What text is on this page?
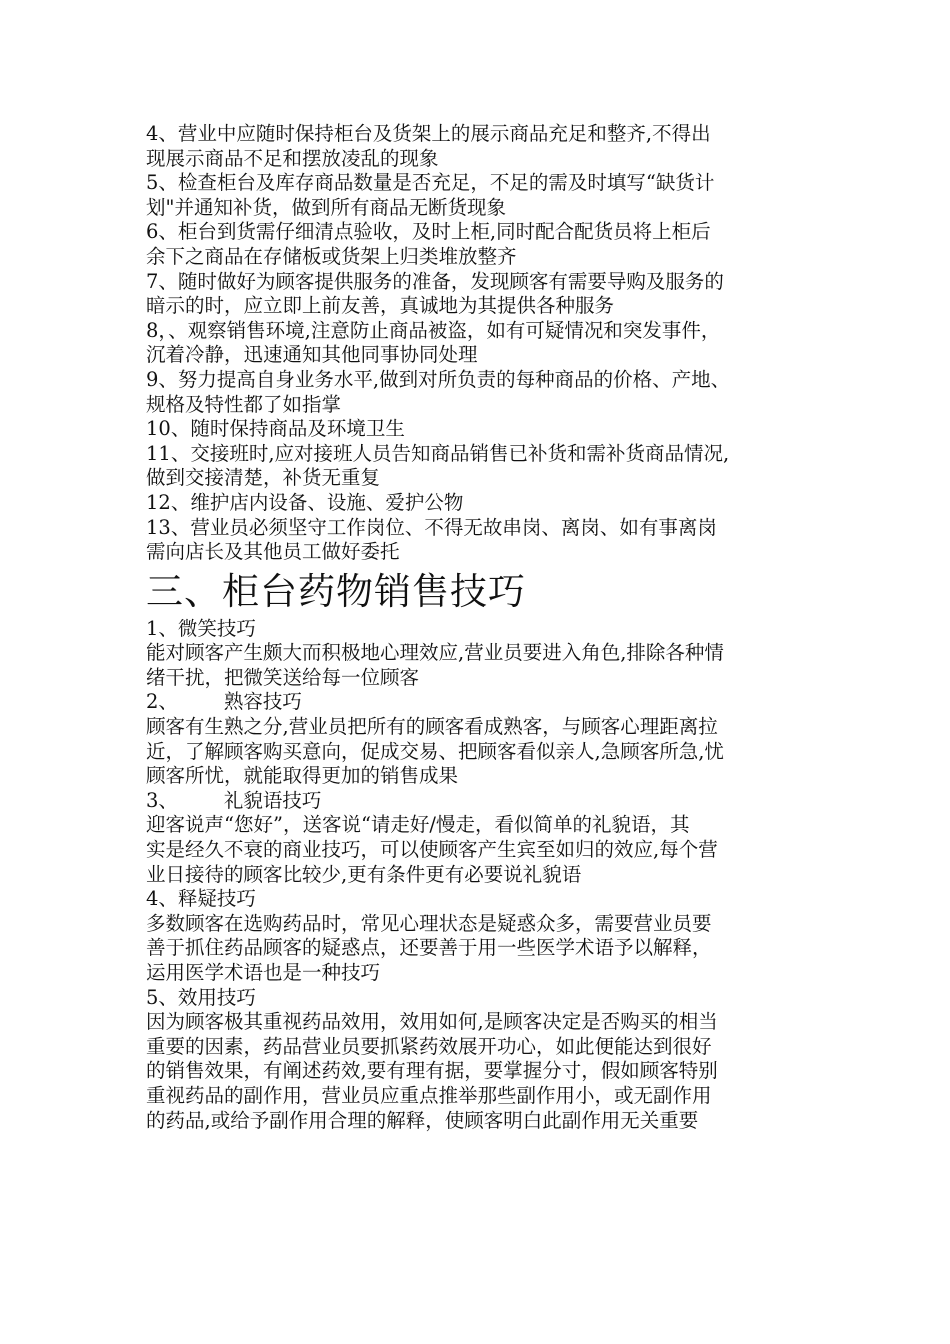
4、营业中应随时保持柜台及货架上的展示商品充足和整齐,不得出
现展示商品不足和摆放凌乱的现象
5、检查柜台及库存商品数量是否充足，不足的需及时填写“缺货计
划"并通知补货，做到所有商品无断货现象
6、柜台到货需仔细清点验收，及时上柜,同时配合配货员将上柜后
余下之商品在存储板或货架上归类堆放整齐
7、随时做好为顾客提供服务的准备，发现顾客有需要导购及服务的
暗示的时，应立即上前友善，真诚地为其提供各种服务
8，、观察销售环境,注意防止商品被盗，如有可疑情况和突发事件，
沉着冷静，迅速通知其他同事协同处理
9、努力提高自身业务水平,做到对所负责的每种商品的价格、产地、
规格及特性都了如指掌
10、随时保持商品及环境卫生
11、交接班时,应对接班人员告知商品销售已补货和需补货商品情况,
做到交接清楚，补货无重复
12、维护店内设备、设施、爱护公物
13、营业员必须坚守工作岗位、不得无故串岗、离岗、如有事离岗
需向店长及其他员工做好委托
三、柜台药物销售技巧
1、微笑技巧
能对顾客产生颇大而积极地心理效应,营业员要进入角色,排除各种情
绪干扰，把微笑送给每一位顾客
2、 熟容技巧
顾客有生熟之分,营业员把所有的顾客看成熟客，与顾客心理距离拉
近，了解顾客购买意向，促成交易、把顾客看似亲人,急顾客所急,忧
顾客所忧，就能取得更加的销售成果
3、 礼貌语技巧
迎客说声“您好”，送客说“请走好/慢走，看似简单的礼貌语，其
实是经久不衰的商业技巧，可以使顾客产生宾至如归的效应,每个营
业日接待的顾客比较少,更有条件更有必要说礼貌语
4、释疑技巧
多数顾客在选购药品时，常见心理状态是疑惑众多，需要营业员要
善于抓住药品顾客的疑惑点，还要善于用一些医学术语予以解释，
运用医学术语也是一种技巧
5、效用技巧
因为顾客极其重视药品效用，效用如何,是顾客决定是否购买的相当
重要的因素，药品营业员要抓紧药效展开功心，如此便能达到很好
的销售效果，有阐述药效,要有理有据，要掌握分寸，假如顾客特别
重视药品的副作用，营业员应重点推举那些副作用小，或无副作用
的药品,或给予副作用合理的解释，使顾客明白此副作用无关重要
